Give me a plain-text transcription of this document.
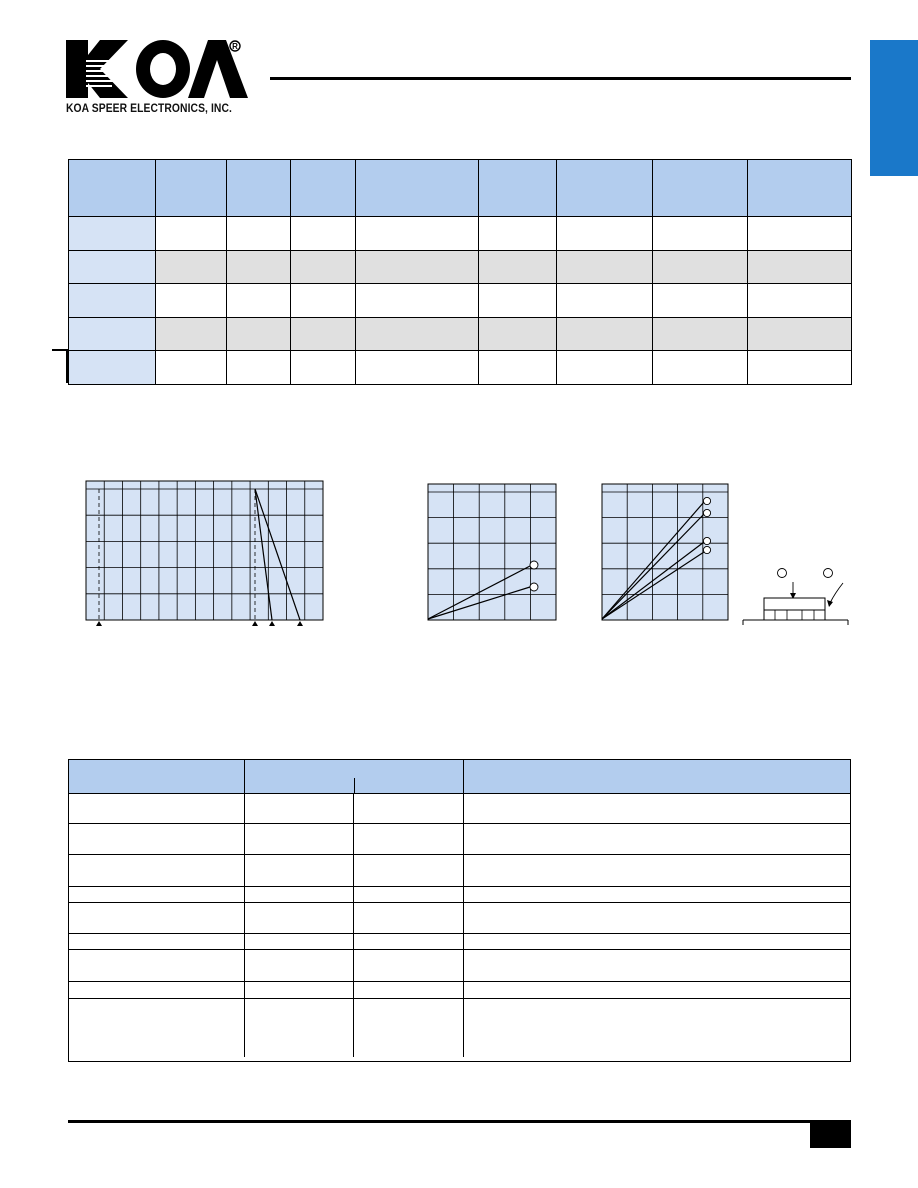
R
KOA SPEER ELECTRONICS, INC.
